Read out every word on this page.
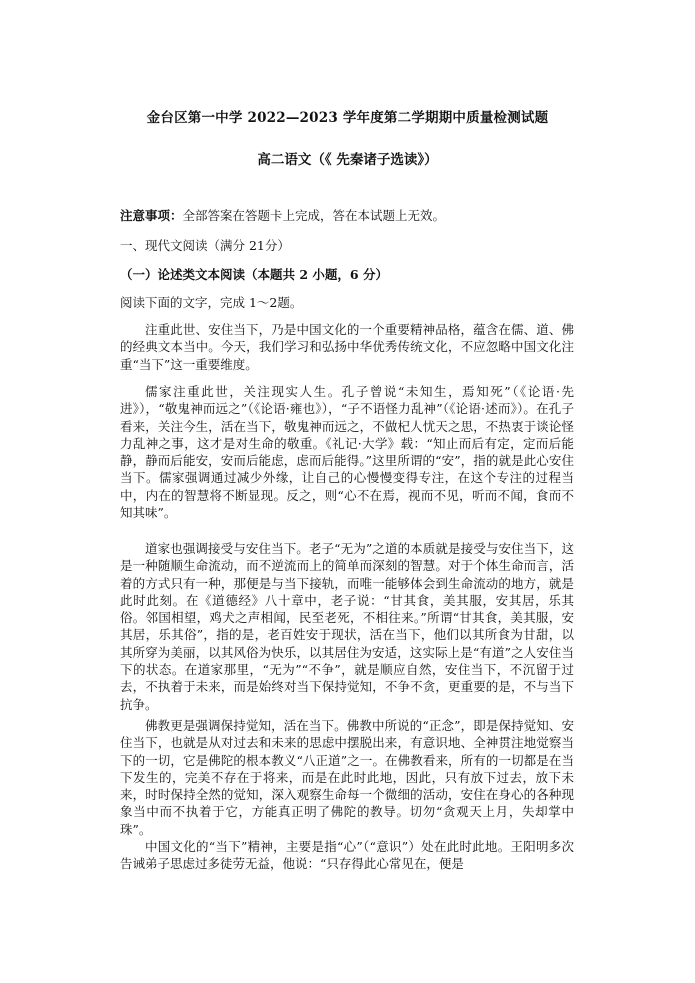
金台区第一中学 2022—2023 学年度第二学期期中质量检测试题
高二语文（《 先秦诸子选读》）
注意事项：全部答案在答题卡上完成，答在本试题上无效。
一、现代文阅读（满分 21分）
（一）论述类文本阅读（本题共 2 小题，6 分）
阅读下面的文字，完成 1～2题。

注重此世、安住当下，乃是中国文化的一个重要精神品格，蕴含在儒、道、佛的经典文本当中。今天，我们学习和弘扬中华优秀传统文化，不应忽略中国文化注重“当下”这一重要维度。

儒家注重此世，关注现实人生。孔子曾说“未知生，焉知死”（《论语·先进》），“敬鬼神而远之”（《论语·雍也》），“子不语怪力乱神”（《论语·述而》）。在孔子看来，关注今生，活在当下，敬鬼神而远之，不做杞人忧天之思，不热衷于谈论怪力乱神之事，这才是对生命的敬重。《礼记·大学》载：“知止而后有定，定而后能静，静而后能安，安而后能虑，虑而后能得。”这里所谓的“安”，指的就是此心安住当下。儒家强调通过减少外缘，让自己的心慢慢变得专注，在这个专注的过程当中，内在的智慧将不断显现。反之，则“心不在焉，视而不见，听而不闻，食而不知其味”。

道家也强调接受与安住当下。老子“无为”之道的本质就是接受与安住当下，这是一种随顺生命流动，而不逆流而上的简单而深刻的智慧。对于个体生命而言，活着的方式只有一种，那便是与当下接轨，而唯一能够体会到生命流动的地方，就是此时此刻。在《道德经》八十章中，老子说：“甘其食，美其服，安其居，乐其俗。邻国相望，鸡犬之声相闻，民至老死，不相往来。”所谓“甘其食，美其服，安其居，乐其俗”，指的是，老百姓安于现状，活在当下，他们以其所食为甘甜，以其所穿为美丽，以其风俗为快乐，以其居住为安适，这实际上是“有道”之人安住当下的状态。在道家那里，“无为”“不争”，就是顺应自然，安住当下，不沉留于过去，不执着于未来，而是始终对当下保持觉知，不争不贪，更重要的是，不与当下抗争。

佛教更是强调保持觉知，活在当下。佛教中所说的“正念”，即是保持觉知、安住当下，也就是从对过去和未来的思虑中摆脱出来，有意识地、全神贯注地觉察当下的一切，它是佛陀的根本教义“八正道”之一。在佛教看来，所有的一切都是在当下发生的，完美不存在于将来，而是在此时此地，因此，只有放下过去，放下未来，时时保持全然的觉知，深入观察生命每一个微细的活动，安住在身心的各种现象当中而不执着于它，方能真正明了佛陀的教导。切勿“贪观天上月，失却掌中珠”。

中国文化的“当下”精神，主要是指“心”（“意识”）处在此时此地。王阳明多次告诫弟子思虑过多徒劳无益，他说：“只存得此心常见在，便是
